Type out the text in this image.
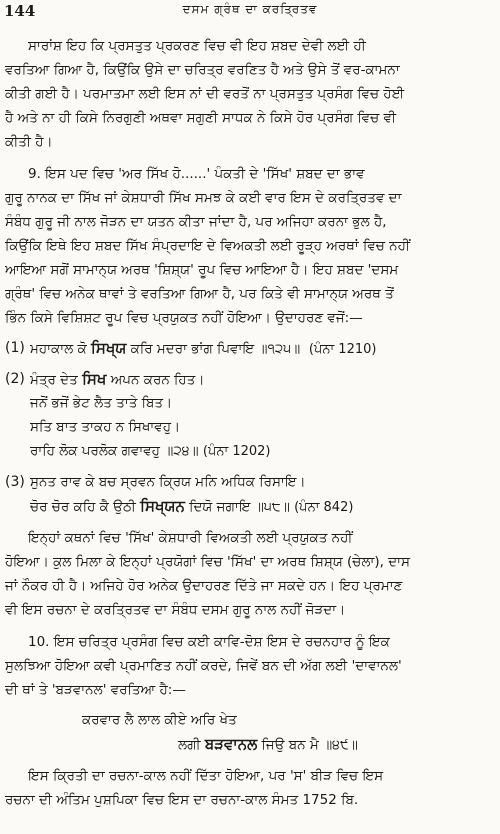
144	ਦਸਮ ਗ੍ਰੰਥ ਦਾ ਕਰਤ੍ਰਿਤਵ
ਸਾਰਾਂਸ਼ ਇਹ ਕਿ ਪ੍ਰਸਤੁਤ ਪ੍ਰਕਰਣ ਵਿਚ ਵੀ ਇਹ ਸ਼ਬਦ ਦੇਵੀ ਲਈ ਹੀ
ਵਰਤਿਆ ਗਿਆ ਹੈ, ਕਿਉਂਕਿ ਉਸੇ ਦਾ ਚਰਿਤ੍ਰ ਵਰਣਿਤ ਹੈ ਅਤੇ ਉਸੇ ਤੋਂ ਵਰ-ਕਾਮਨਾ
ਕੀਤੀ ਗਈ ਹੈ। ਪਰਮਾਤਮਾ ਲਈ ਇਸ ਨਾਂ ਦੀ ਵਰਤੋਂ ਨਾ ਪ੍ਰਸਤੁਤ ਪ੍ਰਸੰਗ ਵਿਚ ਹੋਈ
ਹੈ ਅਤੇ ਨਾ ਹੀ ਕਿਸੇ ਨਿਰਗੁਣੀ ਅਥਵਾ ਸਗੁਣੀ ਸਾਧਕ ਨੇ ਕਿਸੇ ਹੋਰ ਪ੍ਰਸੰਗ ਵਿਚ ਵੀ
ਕੀਤੀ ਹੈ।
9. ਇਸ ਪਦ ਵਿਚ 'ਅਰ ਸਿੱਖ ਹੋ......' ਪੰਕਤੀ ਦੇ 'ਸਿੱਖ' ਸ਼ਬਦ ਦਾ ਭਾਵ
ਗੁਰੂ ਨਾਨਕ ਦਾ ਸਿੱਖ ਜਾਂ ਕੇਸ਼ਧਾਰੀ ਸਿੱਖ ਸਮਝ ਕੇ ਕਈ ਵਾਰ ਇਸ ਦੇ ਕਰਤ੍ਰਿਤਵ ਦਾ
ਸੰਬੰਧ ਗੁਰੂ ਜੀ ਨਾਲ ਜੋੜਨ ਦਾ ਯਤਨ ਕੀਤਾ ਜਾਂਦਾ ਹੈ, ਪਰ ਅਜਿਹਾ ਕਰਨਾ ਭੁਲ ਹੈ,
ਕਿਉਂਕਿ ਇਥੇ ਇਹ ਸ਼ਬਦ ਸਿੱਖ ਸੰਪ੍ਰਦਾਇ ਦੇ ਵਿਅਕਤੀ ਲਈ ਰੂੜ੍ਹ ਅਰਥਾਂ ਵਿਚ ਨਹੀਂ
ਆਇਆ ਸਗੋਂ ਸਾਮਾਨ੍ਯ ਅਰਥ 'ਸ਼ਿਸ਼੍ਯ' ਰੂਪ ਵਿਚ ਆਇਆ ਹੈ। ਇਹ ਸ਼ਬਦ 'ਦਸਮ
ਗ੍ਰੰਥ' ਵਿਚ ਅਨੇਕ ਥਾਵਾਂ ਤੇ ਵਰਤਿਆ ਗਿਆ ਹੈ, ਪਰ ਕਿਤੇ ਵੀ ਸਾਮਾਨ੍ਯ ਅਰਥ ਤੋਂ
ਭਿੰਨ ਕਿਸੇ ਵਿਸ਼ਿਸ਼ਟ ਰੂਪ ਵਿਚ ਪ੍ਰਯੁਕਤ ਨਹੀਂ ਹੋਇਆ। ਉਦਾਹਰਣ ਵਜੋਂ:—
(1) ਮਹਾਕਾਲ ਕੋ ਸਿਖ੍ਯ ਕਰਿ ਮਦਰਾ ਭਾਂਗ ਪਿਵਾਇ ॥੧੨੫॥ (ਪੰਨਾ 1210)
(2) ਮੰਤ੍ਰ ਦੇਤ ਸਿਖ ਅਪਨ ਕਰਨ ਹਿਤ।
ਜਨੋਂ ਭਜੋਂ ਭੇਟ ਲੈਤ ਤਾਤੇ ਬਿਤ।
ਸਤਿ ਬਾਤ ਤਾਕਹ ਨ ਸਿਖਾਵਹੁ।
ਰਾਹਿ ਲੋਕ ਪਰਲੋਕ ਗਵਾਵਹੁ ॥੨੪॥ (ਪੰਨਾ 1202)
(3) ਸੁਨਤ ਰਾਵ ਕੇ ਬਚ ਸ੍ਰਵਨ ਕ੍ਰਿਯ ਮਨਿ ਅਧਿਕ ਰਿਸਾਇ।
ਚੋਰ ਚੋਰ ਕਹਿ ਕੈ ਉਠੀ ਸਿਖ੍ਯਨ ਦਿਯੋ ਜਗਾਇ ॥੫੮॥ (ਪੰਨਾ 842)
ਇਨ੍ਹਾਂ ਕਥਨਾਂ ਵਿਚ 'ਸਿੱਖ' ਕੇਸ਼ਧਾਰੀ ਵਿਅਕਤੀ ਲਈ ਪ੍ਰਯੁਕਤ ਨਹੀਂ
ਹੋਇਆ। ਕੁਲ ਮਿਲਾ ਕੇ ਇਨ੍ਹਾਂ ਪ੍ਰਯੋਗਾਂ ਵਿਚ 'ਸਿੱਖ' ਦਾ ਅਰਥ ਸ਼ਿਸ਼੍ਯ (ਚੇਲਾ), ਦਾਸ
ਜਾਂ ਨੌਕਰ ਹੀ ਹੈ। ਅਜਿਹੇ ਹੋਰ ਅਨੇਕ ਉਦਾਹਰਣ ਦਿੱਤੇ ਜਾ ਸਕਦੇ ਹਨ। ਇਹ ਪ੍ਰਮਾਣ
ਵੀ ਇਸ ਰਚਨਾ ਦੇ ਕਰਤ੍ਰਿਤਵ ਦਾ ਸੰਬੰਧ ਦਸਮ ਗੁਰੂ ਨਾਲ ਨਹੀਂ ਜੋੜਦਾ।
10. ਇਸ ਚਰਿਤ੍ਰ ਪ੍ਰਸੰਗ ਵਿਚ ਕਈ ਕਾਵਿ-ਦੋਸ਼ ਇਸ ਦੇ ਰਚਨਹਾਰ ਨੂੰ ਇਕ
ਸੁਲਝਿਆ ਹੋਇਆ ਕਵੀ ਪ੍ਰਮਾਣਿਤ ਨਹੀਂ ਕਰਦੇ, ਜਿਵੇਂ ਬਨ ਦੀ ਅੱਗ ਲਈ 'ਦਾਵਾਨਲ'
ਦੀ ਥਾਂ ਤੇ 'ਬੜਵਾਨਲ' ਵਰਤਿਆ ਹੈ:—
ਕਰਵਾਰ ਲੈ ਲਾਲ ਕੀਏ ਅਰਿ ਖੇਤ
ਲਗੀ ਬੜਵਾਨਲ ਜਿਉ ਬਨ ਮੈ ॥੪੯॥
ਇਸ ਕ੍ਰਿਤੀ ਦਾ ਰਚਨਾ-ਕਾਲ ਨਹੀਂ ਦਿੱਤਾ ਹੋਇਆ, ਪਰ 'ਸ' ਬੀੜ ਵਿਚ ਇਸ
ਰਚਨਾ ਦੀ ਅੰਤਿਮ ਪੁਸ਼ਪਿਕਾ ਵਿਚ ਇਸ ਦਾ ਰਚਨਾ-ਕਾਲ ਸੰਮਤ 1752 ਬਿ.
